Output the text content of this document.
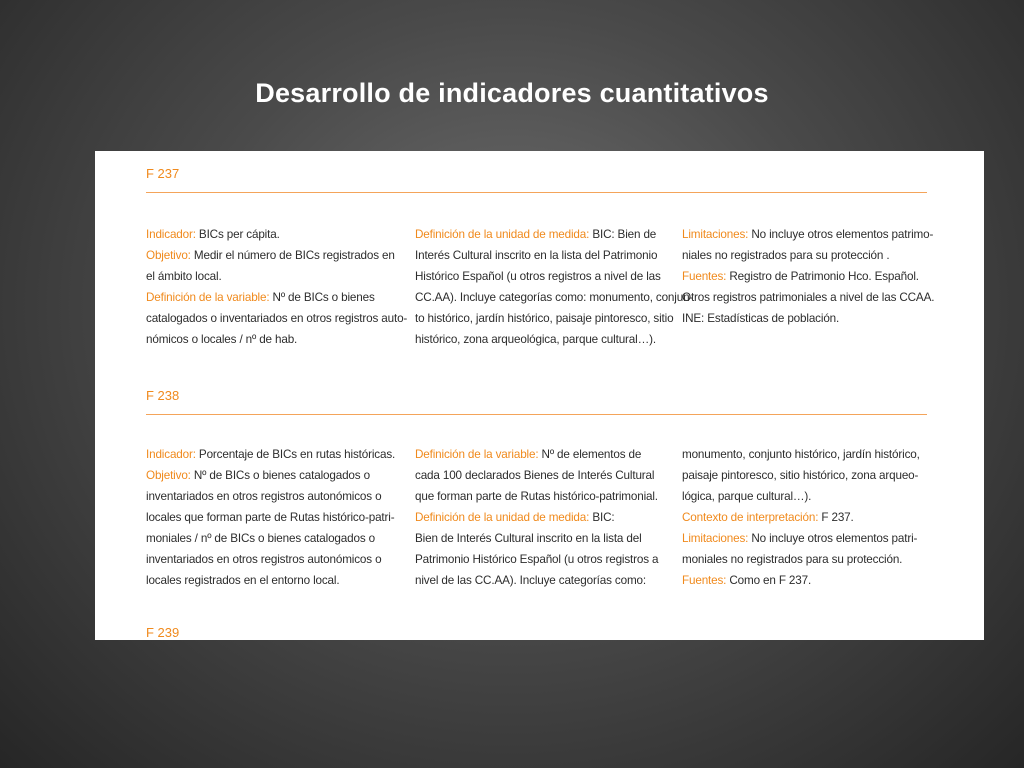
Desarrollo de indicadores cuantitativos
F 237
Indicador: BICs per cápita.
Objetivo: Medir el número de BICs registrados en
el ámbito local.
Definición de la variable: Nº de BICs o bienes
catalogados o inventariados en otros registros auto-
nómicos o locales / nº de hab.
Definición de la unidad de medida: BIC: Bien de
Interés Cultural inscrito en la lista del Patrimonio
Histórico Español (u otros registros a nivel de las
CC.AA). Incluye categorías como: monumento, conjun-
to histórico, jardín histórico, paisaje pintoresco, sitio
histórico, zona arqueológica, parque cultural…).
Limitaciones: No incluye otros elementos patrimo-
niales no registrados para su protección .
Fuentes: Registro de Patrimonio Hco. Español.
Otros registros patrimoniales a nivel de las CCAA.
INE: Estadísticas de población.
F 238
Indicador: Porcentaje de BICs en rutas históricas.
Objetivo: Nº de BICs o bienes catalogados o
inventariados en otros registros autonómicos o
locales que forman parte de Rutas histórico-patri-
moniales / nº de BICs o bienes catalogados o
inventariados en otros registros autonómicos o
locales registrados en el entorno local.
Definición de la variable: Nº de elementos de
cada 100 declarados Bienes de Interés Cultural
que forman parte de Rutas histórico-patrimonial.
Definición de la unidad de medida: BIC:
Bien de Interés Cultural inscrito en la lista del
Patrimonio Histórico Español (u otros registros a
nivel de las CC.AA). Incluye categorías como:
monumento, conjunto histórico, jardín histórico,
paisaje pintoresco, sitio histórico, zona arqueo-
lógica, parque cultural…).
Contexto de interpretación: F 237.
Limitaciones: No incluye otros elementos patri-
moniales no registrados para su protección.
Fuentes: Como en F 237.
F 239
